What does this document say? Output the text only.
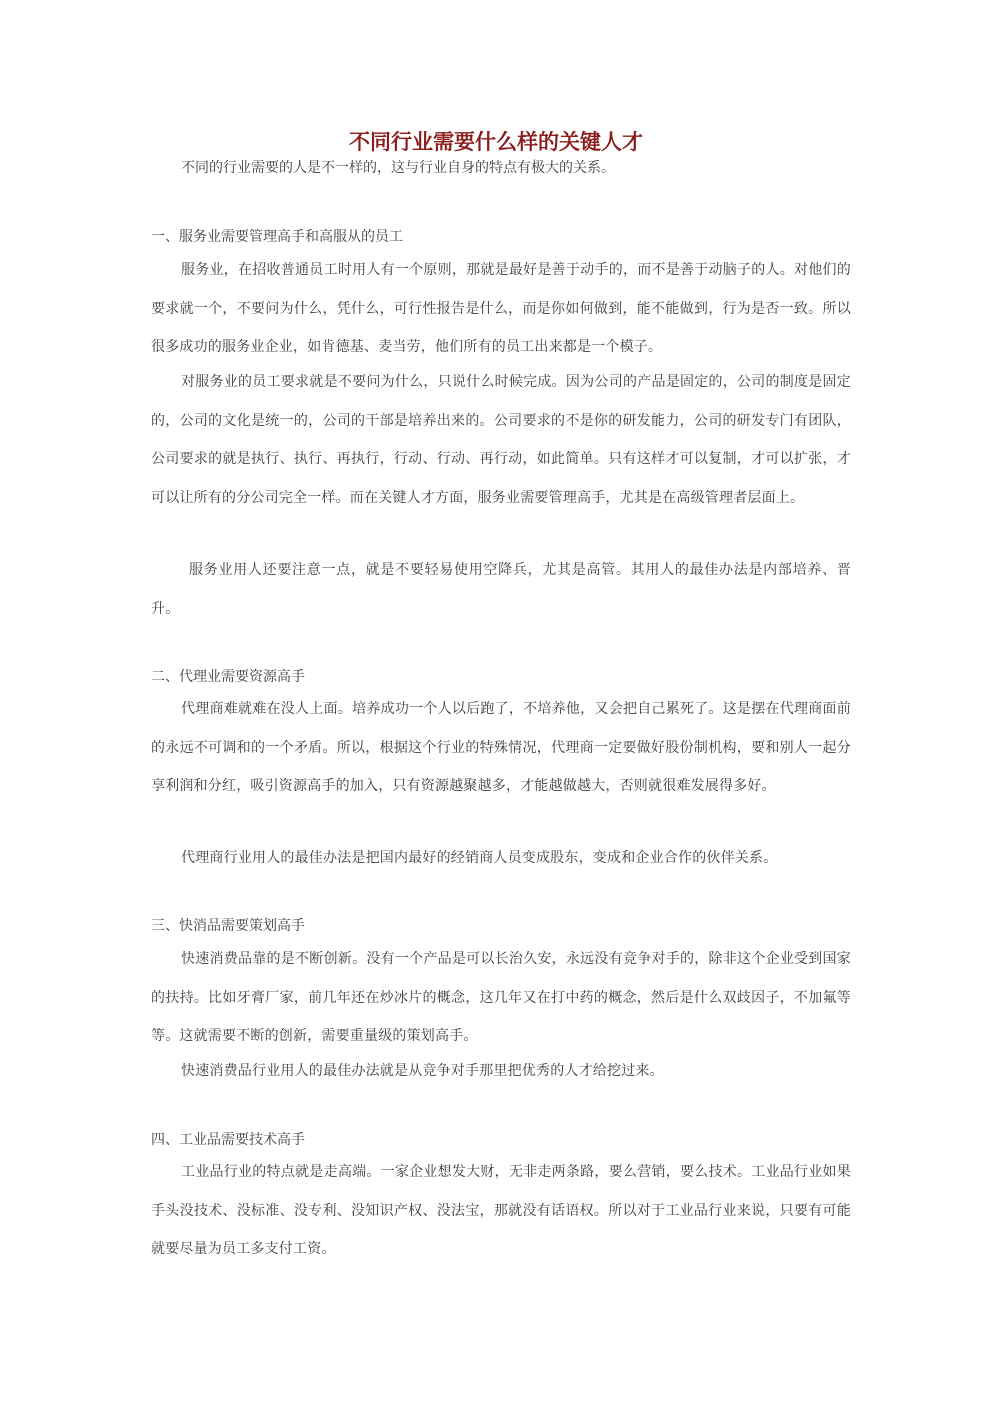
不同行业需要什么样的关键人才
不同的行业需要的人是不一样的，这与行业自身的特点有极大的关系。
一、服务业需要管理高手和高服从的员工

服务业，在招收普通员工时用人有一个原则，那就是最好是善于动手的，而不是善于动脑子的人。对他们的要求就一个，不要问为什么，凭什么，可行性报告是什么，而是你如何做到，能不能做到，行为是否一致。所以很多成功的服务业企业，如肯德基、麦当劳，他们所有的员工出来都是一个模子。

对服务业的员工要求就是不要问为什么，只说什么时候完成。因为公司的产品是固定的，公司的制度是固定的，公司的文化是统一的，公司的干部是培养出来的。公司要求的不是你的研发能力，公司的研发专门有团队，公司要求的就是执行、执行、再执行，行动、行动、再行动，如此简单。只有这样才可以复制，才可以扩张，才可以让所有的分公司完全一样。而在关键人才方面，服务业需要管理高手，尤其是在高级管理者层面上。

服务业用人还要注意一点，就是不要轻易使用空降兵，尤其是高管。其用人的最佳办法是内部培养、晋升。

二、代理业需要资源高手

代理商难就难在没人上面。培养成功一个人以后跑了，不培养他，又会把自己累死了。这是摆在代理商面前的永远不可调和的一个矛盾。所以，根据这个行业的特殊情况，代理商一定要做好股份制机构，要和别人一起分享利润和分红，吸引资源高手的加入，只有资源越聚越多，才能越做越大，否则就很难发展得多好。

代理商行业用人的最佳办法是把国内最好的经销商人员变成股东，变成和企业合作的伙伴关系。

三、快消品需要策划高手

快速消费品靠的是不断创新。没有一个产品是可以长治久安，永远没有竞争对手的，除非这个企业受到国家的扶持。比如牙膏厂家，前几年还在炒冰片的概念，这几年又在打中药的概念，然后是什么双歧因子，不加氟等等。这就需要不断的创新，需要重量级的策划高手。

快速消费品行业用人的最佳办法就是从竞争对手那里把优秀的人才给挖过来。

四、工业品需要技术高手

工业品行业的特点就是走高端。一家企业想发大财，无非走两条路，要么营销，要么技术。工业品行业如果手头没技术、没标准、没专利、没知识产权、没法宝，那就没有话语权。所以对于工业品行业来说，只要有可能就要尽量为员工多支付工资。
